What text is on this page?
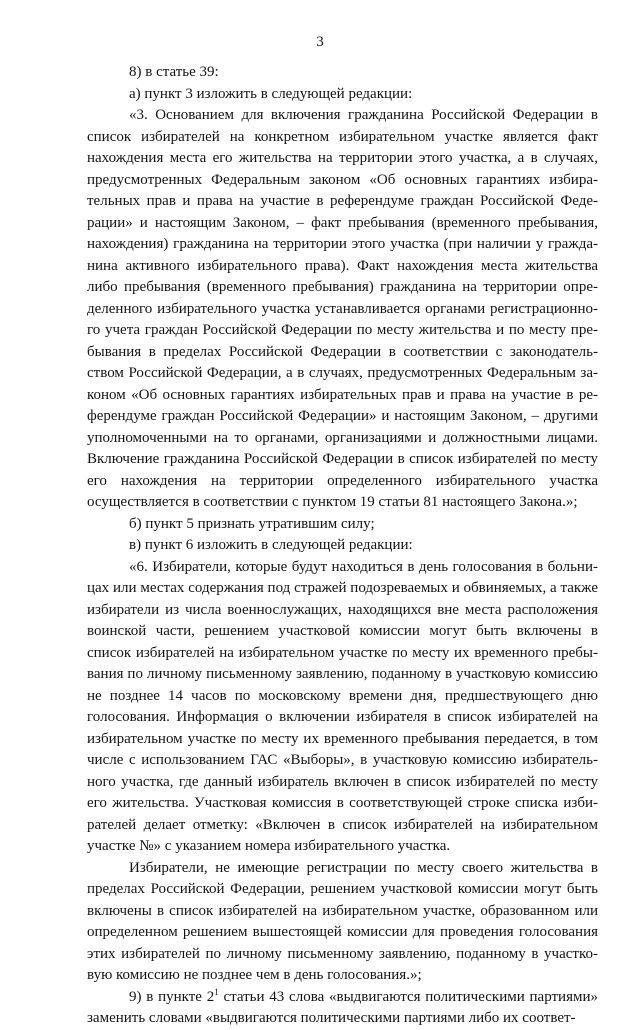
3

8) в статье 39:

а) пункт 3 изложить в следующей редакции:

«3. Основанием для включения гражданина Российской Федерации в список избирателей на конкретном избирательном участке является факт нахождения места его жительства на территории этого участка, а в случаях, предусмотренных Федеральным законом «Об основных гарантиях избирательных прав и права на участие в референдуме граждан Российской Федерации» и настоящим Законом, – факт пребывания (временного пребывания, нахождения) гражданина на территории этого участка (при наличии у гражданина активного избирательного права). Факт нахождения места жительства либо пребывания (временного пребывания) гражданина на территории определенного избирательного участка устанавливается органами регистрационного учета граждан Российской Федерации по месту жительства и по месту пребывания в пределах Российской Федерации в соответствии с законодательством Российской Федерации, а в случаях, предусмотренных Федеральным законом «Об основных гарантиях избирательных прав и права на участие в референдуме граждан Российской Федерации» и настоящим Законом, – другими уполномоченными на то органами, организациями и должностными лицами. Включение гражданина Российской Федерации в список избирателей по месту его нахождения на территории определенного избирательного участка осуществляется в соответствии с пунктом 19 статьи 81 настоящего Закона.»;

б) пункт 5 признать утратившим силу;

в) пункт 6 изложить в следующей редакции:

«6. Избиратели, которые будут находиться в день голосования в больницах или местах содержания под стражей подозреваемых и обвиняемых, а также избиратели из числа военнослужащих, находящихся вне места расположения воинской части, решением участковой комиссии могут быть включены в список избирателей на избирательном участке по месту их временного пребывания по личному письменному заявлению, поданному в участковую комиссию не позднее 14 часов по московскому времени дня, предшествующего дню голосования. Информация о включении избирателя в список избирателей на избирательном участке по месту их временного пребывания передается, в том числе с использованием ГАС «Выборы», в участковую комиссию избирательного участка, где данный избиратель включен в список избирателей по месту его жительства. Участковая комиссия в соответствующей строке списка избирателей делает отметку: «Включен в список избирателей на избирательном участке №» с указанием номера избирательного участка.

Избиратели, не имеющие регистрации по месту своего жительства в пределах Российской Федерации, решением участковой комиссии могут быть включены в список избирателей на избирательном участке, образованном или определенном решением вышестоящей комиссии для проведения голосования этих избирателей по личному письменному заявлению, поданному в участковую комиссию не позднее чем в день голосования.»;

9) в пункте $2^1$ статьи 43 слова «выдвигаются политическими партиями» заменить словами «выдвигаются политическими партиями либо их соответ-
